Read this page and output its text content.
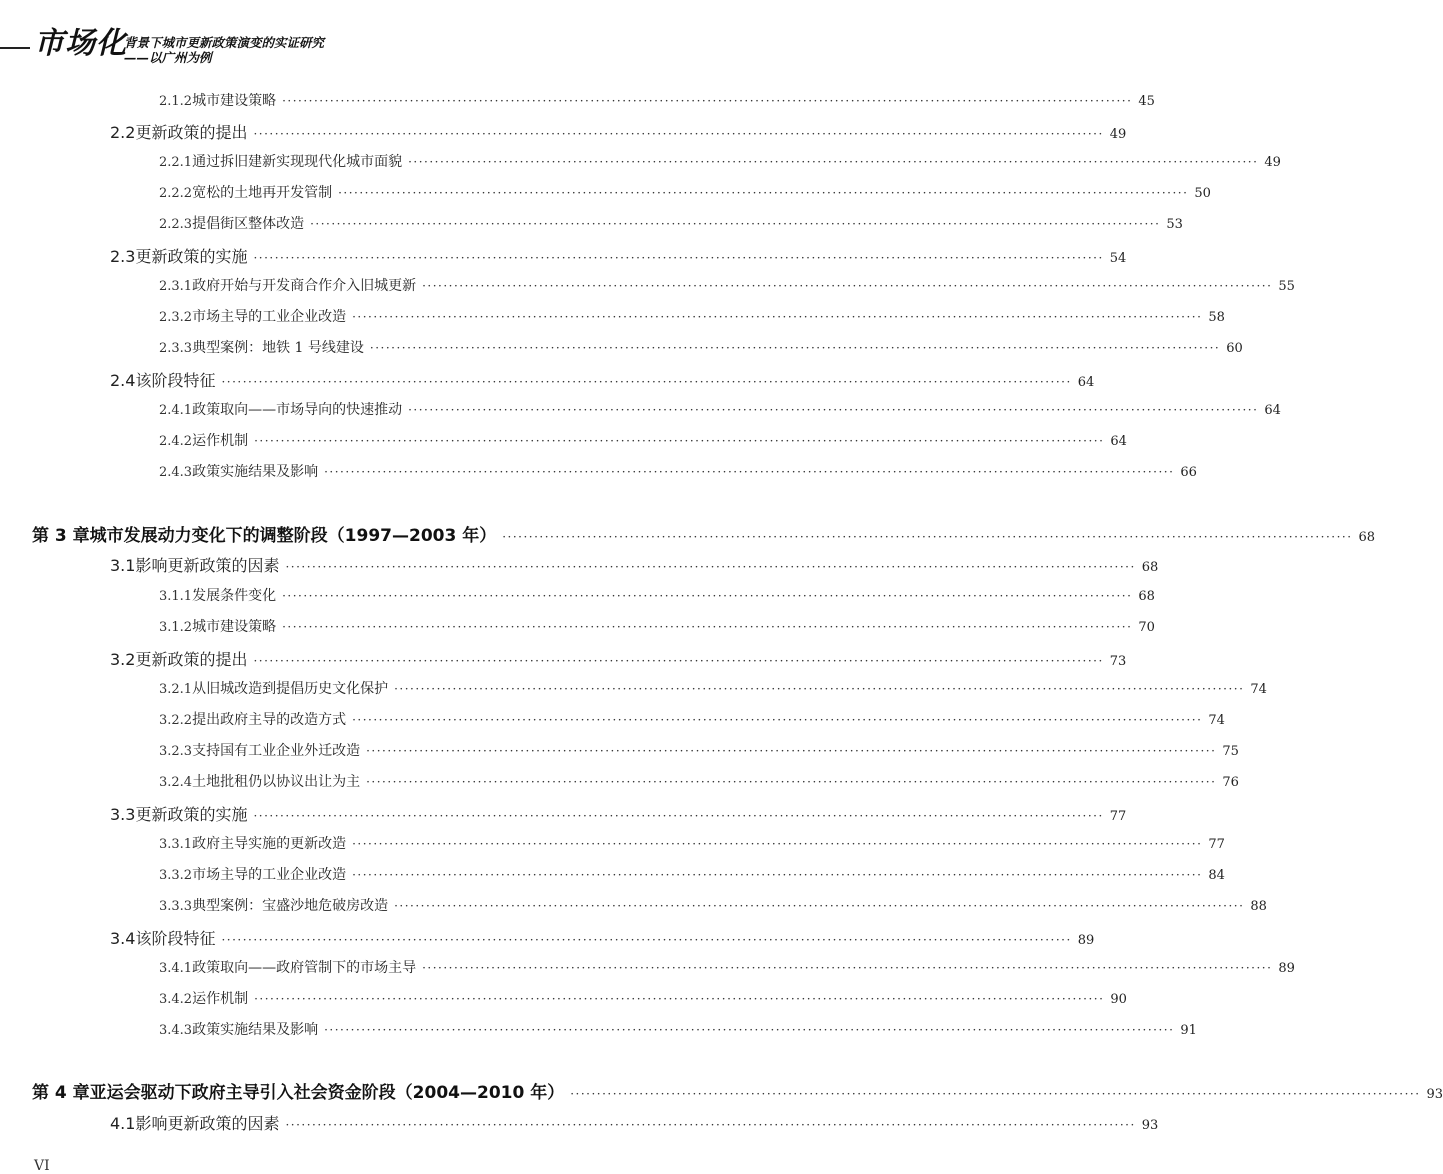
市场化
背景下城市更新政策演变的实证研究
——以广州为例
2.1.2 城市建设策略 ································································································································································ 45
2.2 更新政策的提出 ································································································································································ 49
2.2.1 通过拆旧建新实现现代化城市面貌 ································································································································································ 49
2.2.2 宽松的土地再开发管制 ································································································································································ 50
2.2.3 提倡街区整体改造 ································································································································································ 53
2.3 更新政策的实施 ································································································································································ 54
2.3.1 政府开始与开发商合作介入旧城更新 ································································································································································ 55
2.3.2 市场主导的工业企业改造 ································································································································································ 58
2.3.3 典型案例：地铁 1 号线建设 ································································································································································ 60
2.4 该阶段特征 ································································································································································ 64
2.4.1 政策取向——市场导向的快速推动 ································································································································································ 64
2.4.2 运作机制 ································································································································································ 64
2.4.3 政策实施结果及影响 ································································································································································ 66
第 3 章 城市发展动力变化下的调整阶段（1997—2003 年） ································································································································································ 68
3.1 影响更新政策的因素 ································································································································································ 68
3.1.1 发展条件变化 ································································································································································ 68
3.1.2 城市建设策略 ································································································································································ 70
3.2 更新政策的提出 ································································································································································ 73
3.2.1 从旧城改造到提倡历史文化保护 ································································································································································ 74
3.2.2 提出政府主导的改造方式 ································································································································································ 74
3.2.3 支持国有工业企业外迁改造 ································································································································································ 75
3.2.4 土地批租仍以协议出让为主 ································································································································································ 76
3.3 更新政策的实施 ································································································································································ 77
3.3.1 政府主导实施的更新改造 ································································································································································ 77
3.3.2 市场主导的工业企业改造 ································································································································································ 84
3.3.3 典型案例：宝盛沙地危破房改造 ································································································································································ 88
3.4 该阶段特征 ································································································································································ 89
3.4.1 政策取向——政府管制下的市场主导 ································································································································································ 89
3.4.2 运作机制 ································································································································································ 90
3.4.3 政策实施结果及影响 ································································································································································ 91
第 4 章 亚运会驱动下政府主导引入社会资金阶段（2004—2010 年） ································································································································································ 93
4.1 影响更新政策的因素 ································································································································································ 93
VI
